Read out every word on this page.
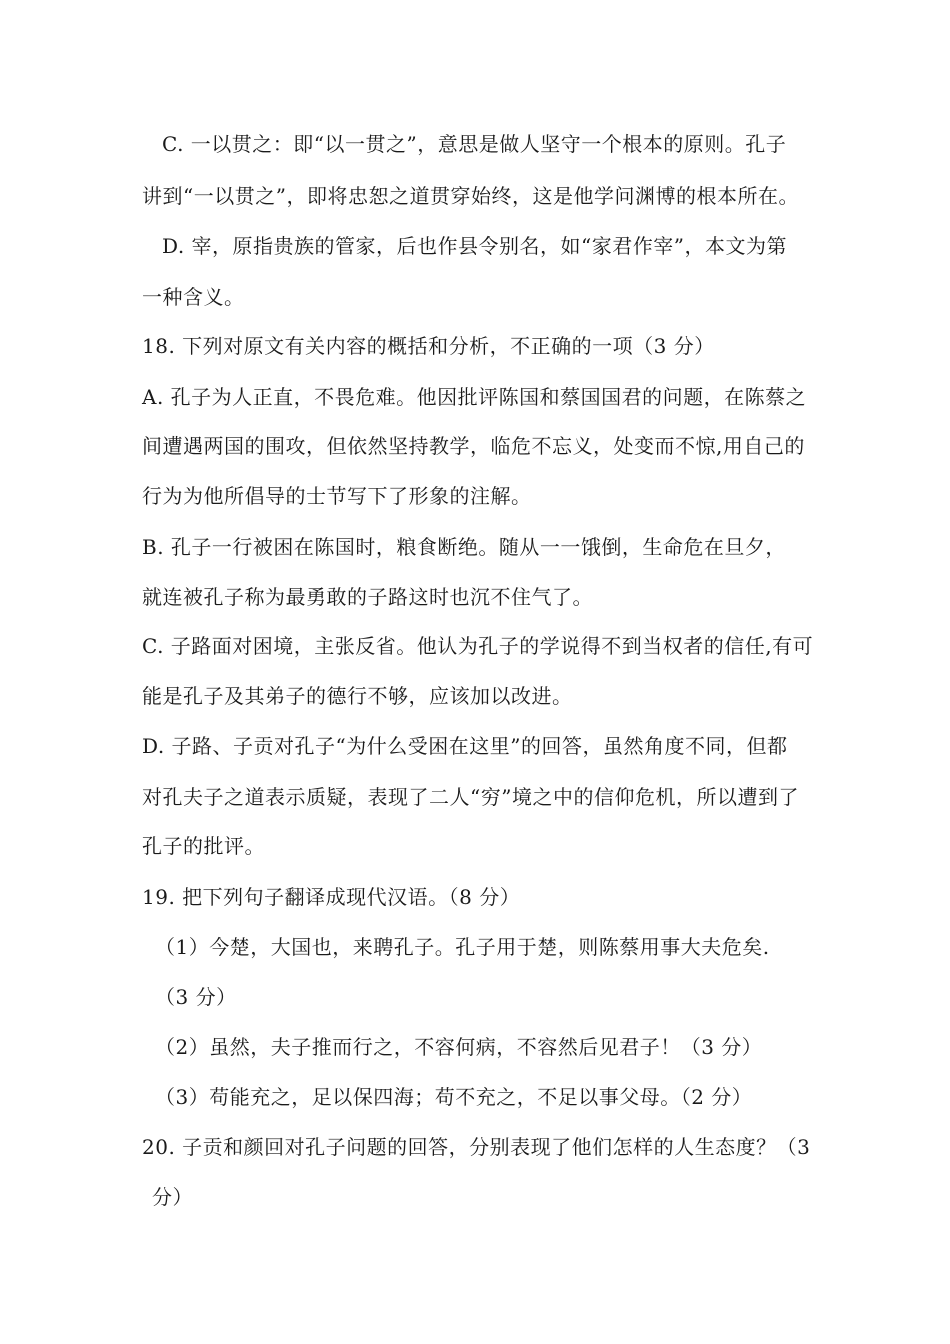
C. 一以贯之：即“以一贯之”，意思是做人坚守一个根本的原则。孔子
讲到“一以贯之”，即将忠恕之道贯穿始终，这是他学问渊博的根本所在。
D. 宰，原指贵族的管家，后也作县令别名，如“家君作宰”，本文为第
一种含义。
18. 下列对原文有关内容的概括和分析，不正确的一项（3 分）
A. 孔子为人正直，不畏危难。他因批评陈国和蔡国国君的问题，在陈蔡之
间遭遇两国的围攻，但依然坚持教学，临危不忘义，处变而不惊,用自己的
行为为他所倡导的士节写下了形象的注解。
B. 孔子一行被困在陈国时，粮食断绝。随从一一饿倒，生命危在旦夕，
就连被孔子称为最勇敢的子路这时也沉不住气了。
C. 子路面对困境，主张反省。他认为孔子的学说得不到当权者的信任,有可
能是孔子及其弟子的德行不够，应该加以改进。
D. 子路、子贡对孔子“为什么受困在这里”的回答，虽然角度不同，但都
对孔夫子之道表示质疑，表现了二人“穷”境之中的信仰危机，所以遭到了
孔子的批评。
19. 把下列句子翻译成现代汉语。（8 分）
（1）今楚，大国也，来聘孔子。孔子用于楚，则陈蔡用事大夫危矣.
（3 分）
（2）虽然，夫子推而行之，不容何病，不容然后见君子！（3 分）
（3）苟能充之，足以保四海；苟不充之，不足以事父母。（2 分）
20. 子贡和颜回对孔子问题的回答，分别表现了他们怎样的人生态度？（3
分）
